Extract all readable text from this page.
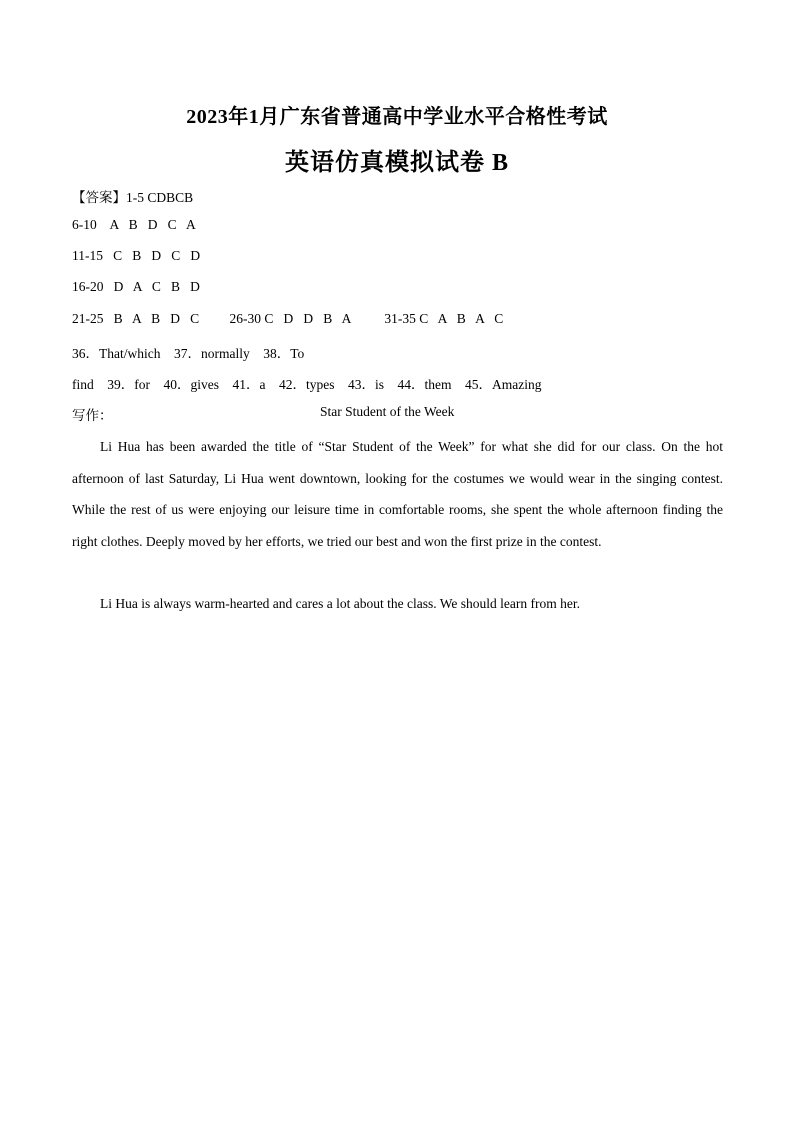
2023年1月广东省普通高中学业水平合格性考试
英语仿真模拟试卷 B
【答案】1-5 CDBCB
6-10    A   B   D   C   A
11-15   C   B   D   C   D
16-20   D   A   C   B   D
21-25   B   A   B   D   C         26-30 C   D   D   B   A          31-35 C   A   B   A   C
36．That/which    37．normally    38．To
find    39．for    40．gives    41．a    42．types    43．is    44．them    45．Amazing
写作：	Star Student of the Week
Li Hua has been awarded the title of “Star Student of the Week” for what she did for our class. On the hot afternoon of last Saturday, Li Hua went downtown, looking for the costumes we would wear in the singing contest. While the rest of us were enjoying our leisure time in comfortable rooms, she spent the whole afternoon finding the right clothes. Deeply moved by her efforts, we tried our best and won the first prize in the contest.
Li Hua is always warm-hearted and cares a lot about the class. We should learn from her.
